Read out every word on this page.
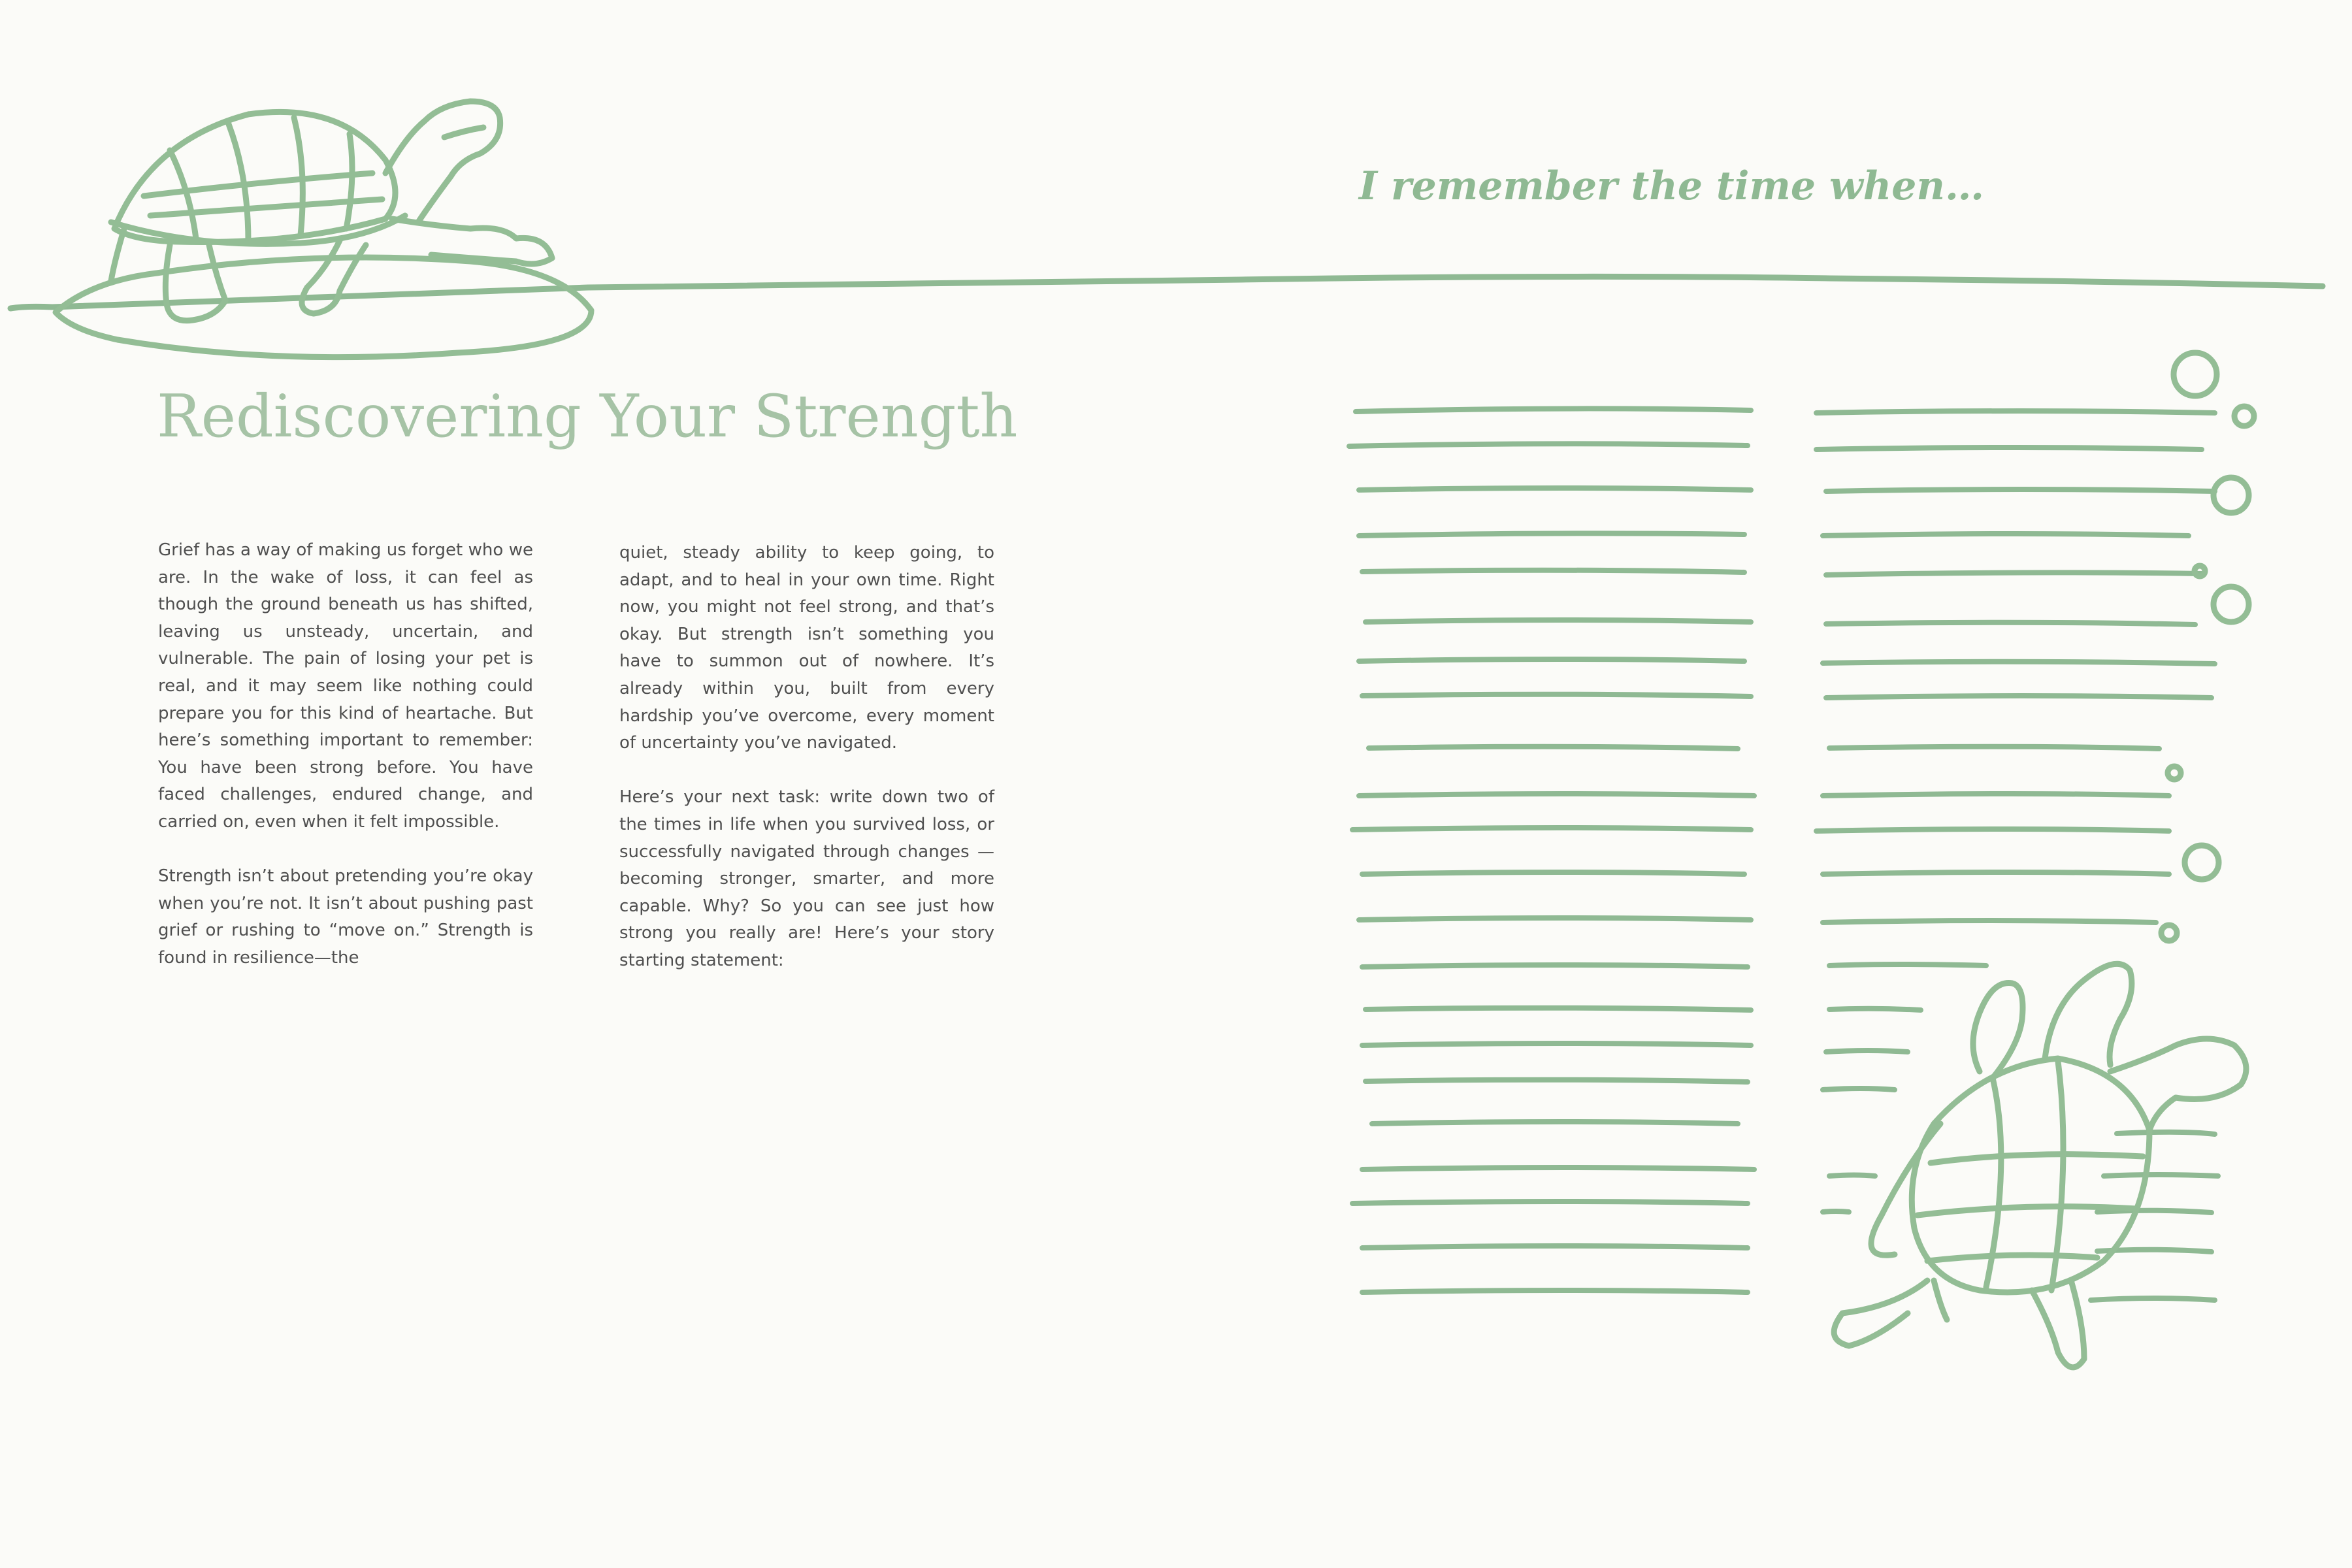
Rediscovering Your Strength
I remember the time when…

Grief has a way of making us forget who we are. In the wake of loss, it can feel as though the ground beneath us has shifted, leaving us unsteady, uncertain, and vulnerable. The pain of losing your pet is real, and it may seem like nothing could prepare you for this kind of heartache. But here’s something important to remember: You have been strong before. You have faced challenges, endured change, and carried on, even when it felt impossible.

Strength isn’t about pretending you’re okay when you’re not. It isn’t about pushing past grief or rushing to “move on.” Strength is found in resilience—the

quiet, steady ability to keep going, to adapt, and to heal in your own time. Right now, you might not feel strong, and that’s okay. But strength isn’t something you have to summon out of nowhere. It’s already within you, built from every hardship you’ve overcome, every moment of uncertainty you’ve navigated.

Here’s your next task: write down two of the times in life when you survived loss, or successfully navigated through changes — becoming stronger, smarter, and more capable. Why? So you can see just how strong you really are! Here’s your story starting statement:
